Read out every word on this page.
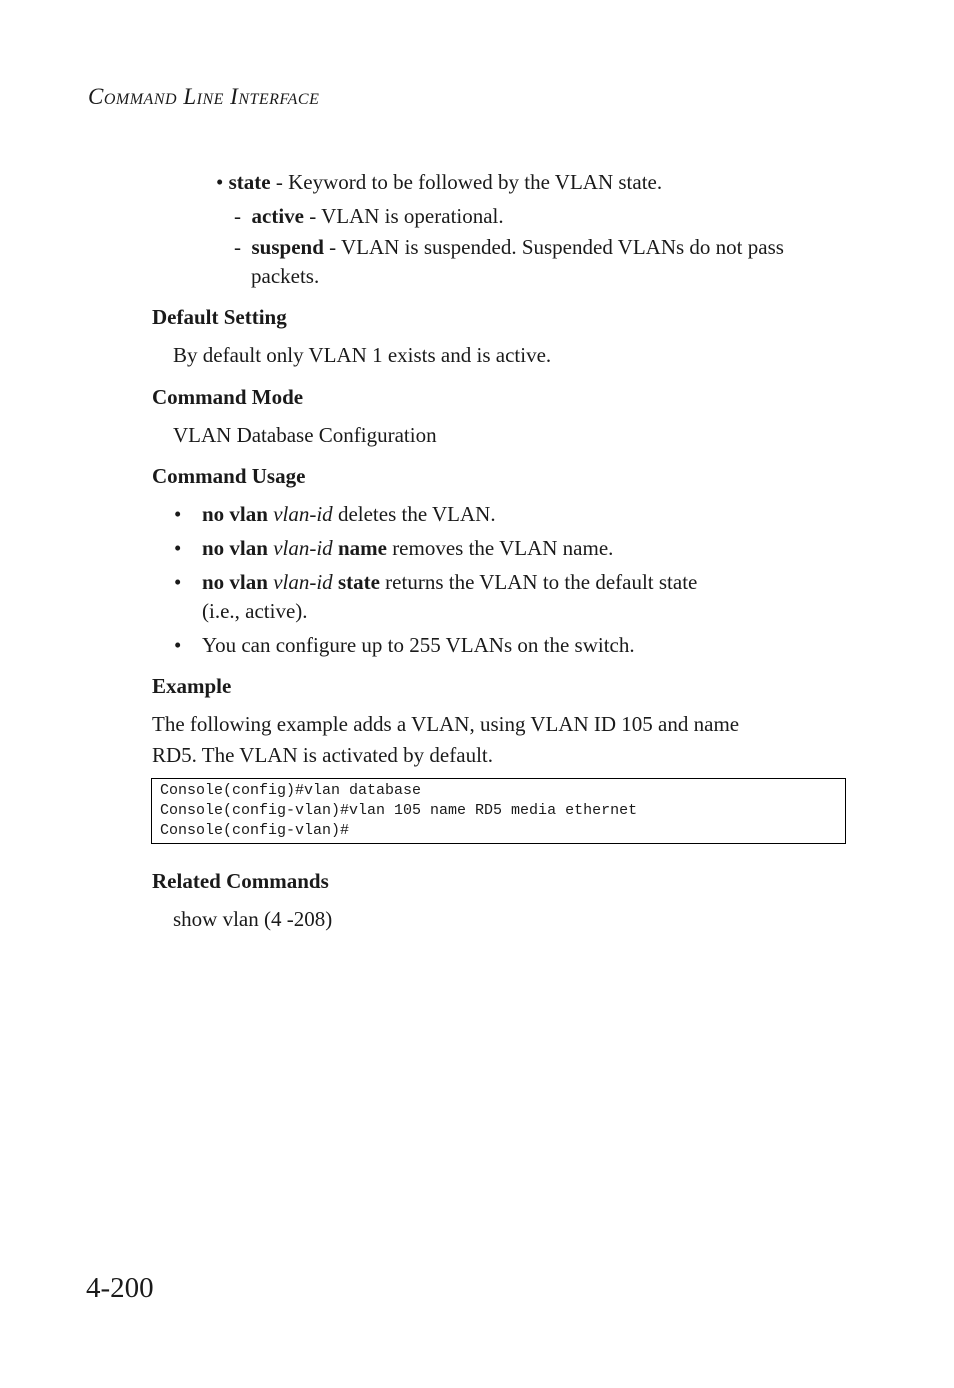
COMMAND LINE INTERFACE
• state - Keyword to be followed by the VLAN state.
- active - VLAN is operational.
- suspend - VLAN is suspended. Suspended VLANs do not pass
packets.
Default Setting
By default only VLAN 1 exists and is active.
Command Mode
VLAN Database Configuration
Command Usage
• no vlan vlan-id deletes the VLAN.
• no vlan vlan-id name removes the VLAN name.
• no vlan vlan-id state returns the VLAN to the default state
(i.e., active).
• You can configure up to 255 VLANs on the switch.
Example
The following example adds a VLAN, using VLAN ID 105 and name
RD5. The VLAN is activated by default.
Console(config)#vlan database
Console(config-vlan)#vlan 105 name RD5 media ethernet
Console(config-vlan)#
Related Commands
show vlan (4 -208)
4-200
